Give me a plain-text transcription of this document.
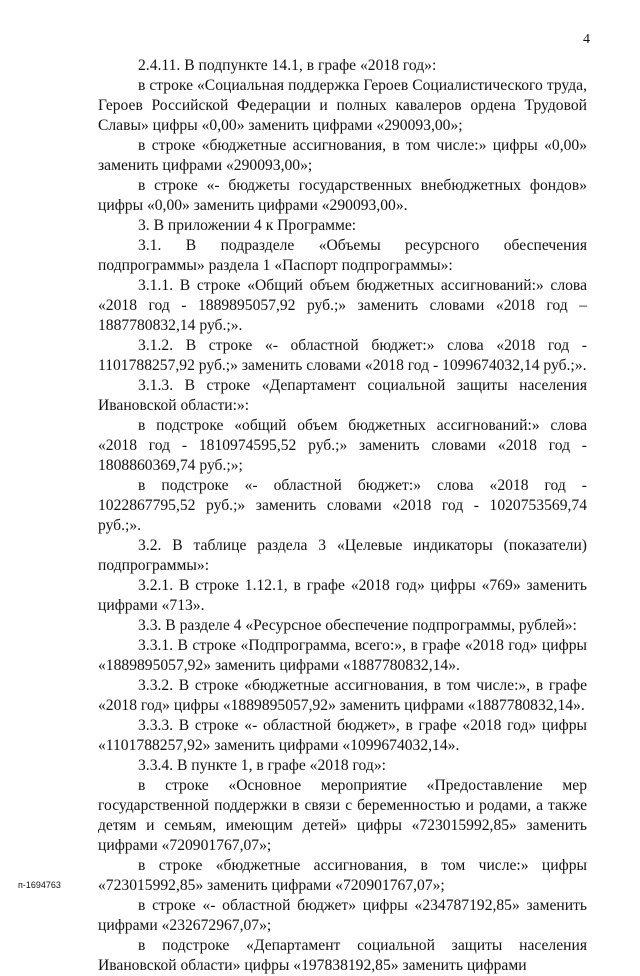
4

2.4.11. В подпункте 14.1, в графе «2018 год»:

в строке «Социальная поддержка Героев Социалистического труда, Героев Российской Федерации и полных кавалеров ордена Трудовой Славы» цифры «0,00» заменить цифрами «290093,00»;

в строке «бюджетные ассигнования, в том числе:» цифры «0,00» заменить цифрами «290093,00»;

в строке «- бюджеты государственных внебюджетных фондов» цифры «0,00» заменить цифрами «290093,00».

3. В приложении 4 к Программе:

3.1. В подразделе «Объемы ресурсного обеспечения подпрограммы» раздела 1 «Паспорт подпрограммы»:

3.1.1. В строке «Общий объем бюджетных ассигнований:» слова «2018 год - 1889895057,92 руб.;» заменить словами «2018 год – 1887780832,14 руб.;».

3.1.2. В строке «- областной бюджет:» слова «2018 год - 1101788257,92 руб.;» заменить словами «2018 год - 1099674032,14 руб.;».

3.1.3. В строке «Департамент социальной защиты населения Ивановской области:»:

в подстроке «общий объем бюджетных ассигнований:» слова «2018 год - 1810974595,52 руб.;» заменить словами «2018 год - 1808860369,74 руб.;»;

в подстроке «- областной бюджет:» слова «2018 год - 1022867795,52 руб.;» заменить словами «2018 год - 1020753569,74 руб.;».

3.2. В таблице раздела 3 «Целевые индикаторы (показатели) подпрограммы»:

3.2.1. В строке 1.12.1, в графе «2018 год» цифры «769» заменить цифрами «713».

3.3. В разделе 4 «Ресурсное обеспечение подпрограммы, рублей»:

3.3.1. В строке «Подпрограмма, всего:», в графе «2018 год» цифры «1889895057,92» заменить цифрами «1887780832,14».

3.3.2. В строке «бюджетные ассигнования, в том числе:», в графе «2018 год» цифры «1889895057,92» заменить цифрами «1887780832,14».

3.3.3. В строке «- областной бюджет», в графе «2018 год» цифры «1101788257,92» заменить цифрами «1099674032,14».

3.3.4. В пункте 1, в графе «2018 год»:

в строке «Основное мероприятие «Предоставление мер государственной поддержки в связи с беременностью и родами, а также детям и семьям, имеющим детей» цифры «723015992,85» заменить цифрами «720901767,07»;

в строке «бюджетные ассигнования, в том числе:» цифры «723015992,85» заменить цифрами «720901767,07»;

в строке «- областной бюджет» цифры «234787192,85» заменить цифрами «232672967,07»;

в подстроке «Департамент социальной защиты населения Ивановской области» цифры «197838192,85» заменить цифрами

п-1694763
